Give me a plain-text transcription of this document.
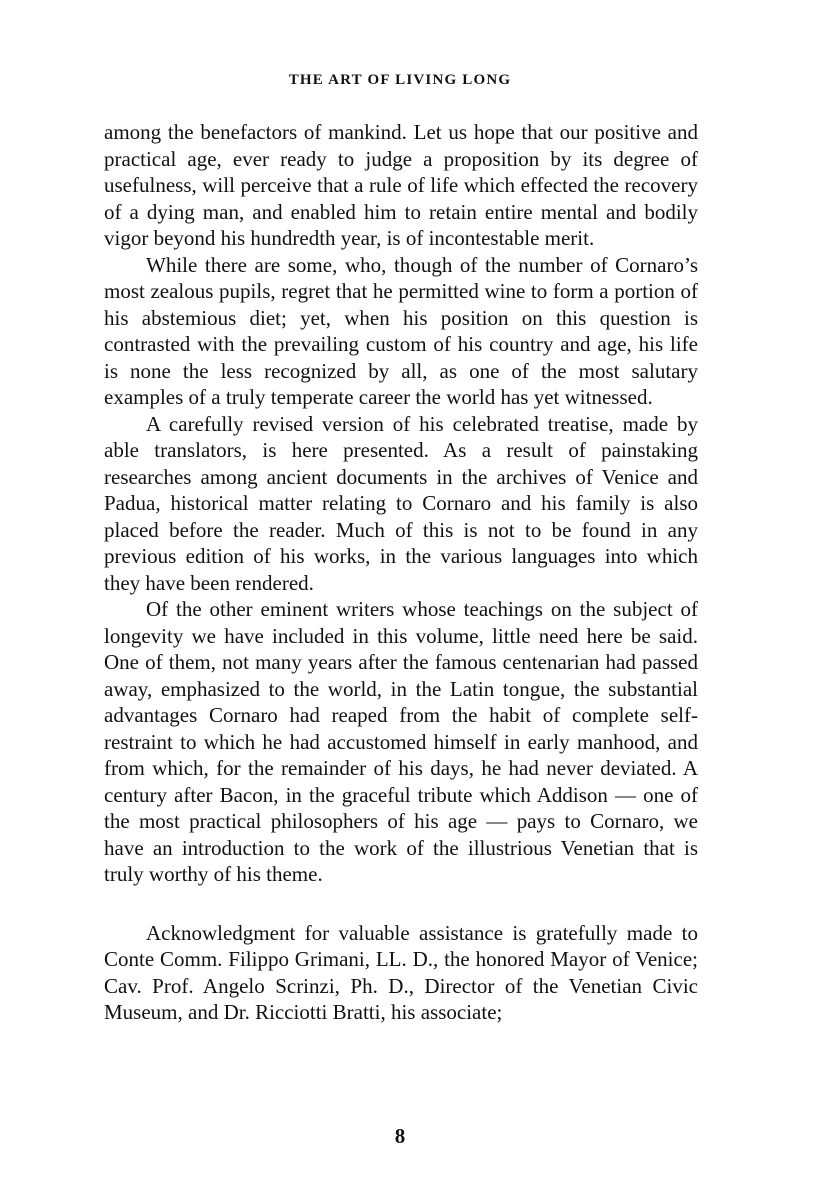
THE ART OF LIVING LONG

among the benefactors of mankind. Let us hope that our positive and practical age, ever ready to judge a proposition by its degree of usefulness, will perceive that a rule of life which effected the recovery of a dying man, and enabled him to retain entire mental and bodily vigor beyond his hundredth year, is of incontestable merit.

While there are some, who, though of the number of Cornaro’s most zealous pupils, regret that he permitted wine to form a portion of his abstemious diet; yet, when his position on this question is contrasted with the prevailing custom of his country and age, his life is none the less recognized by all, as one of the most salutary examples of a truly temperate career the world has yet witnessed.

A carefully revised version of his celebrated treatise, made by able translators, is here presented. As a result of painstaking researches among ancient documents in the archives of Venice and Padua, historical matter relating to Cornaro and his family is also placed before the reader. Much of this is not to be found in any previous edition of his works, in the various languages into which they have been rendered.

Of the other eminent writers whose teachings on the subject of longevity we have included in this volume, little need here be said. One of them, not many years after the famous centenarian had passed away, emphasized to the world, in the Latin tongue, the substantial advantages Cornaro had reaped from the habit of complete self-restraint to which he had accustomed himself in early manhood, and from which, for the remainder of his days, he had never deviated. A century after Bacon, in the graceful tribute which Addison — one of the most practical philosophers of his age — pays to Cornaro, we have an introduction to the work of the illustrious Venetian that is truly worthy of his theme.

Acknowledgment for valuable assistance is gratefully made to Conte Comm. Filippo Grimani, LL. D., the honored Mayor of Venice; Cav. Prof. Angelo Scrinzi, Ph. D., Director of the Venetian Civic Museum, and Dr. Ricciotti Bratti, his associate;

8
